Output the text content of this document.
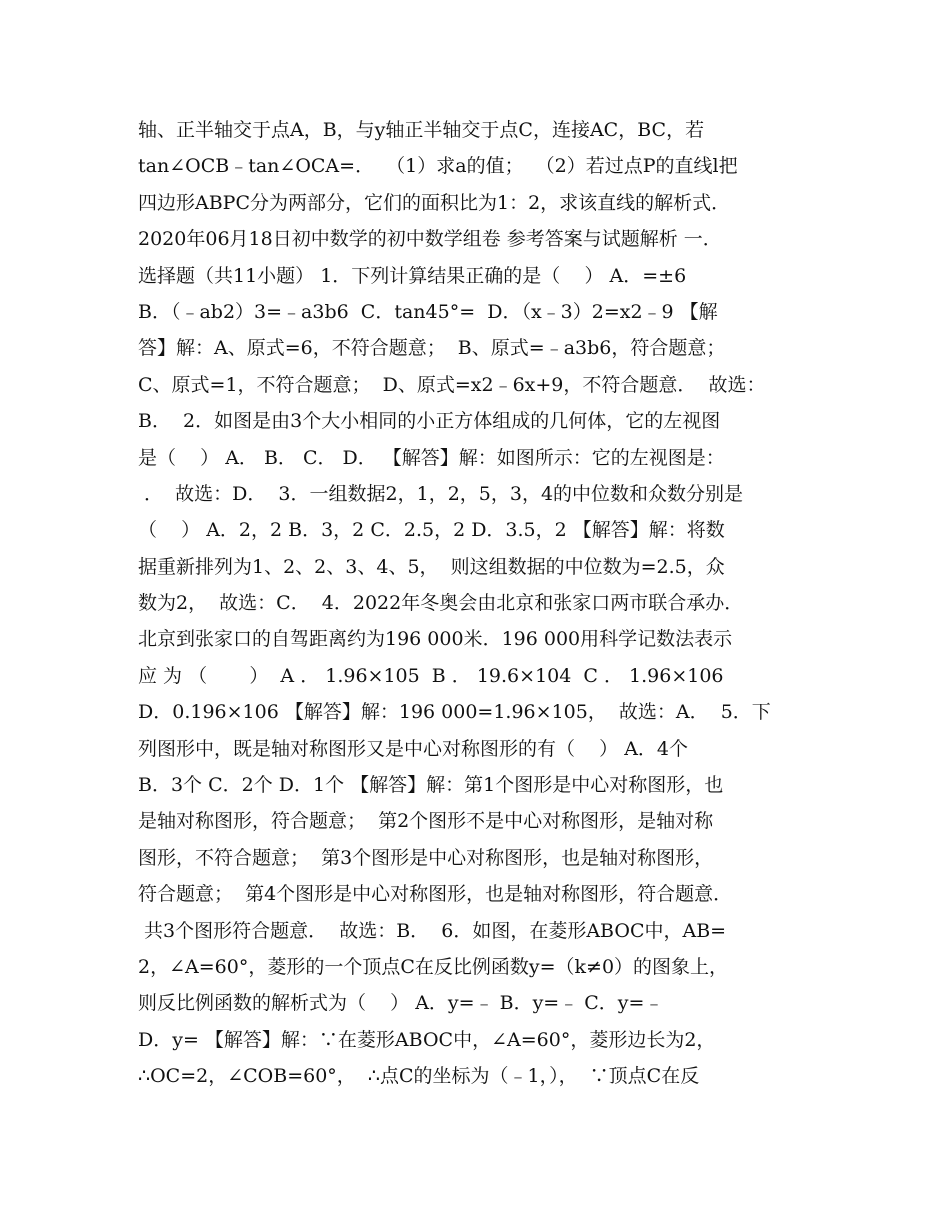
轴、正半轴交于点A，B，与y轴正半轴交于点C，连接AC，BC，若
tan∠OCB﹣tan∠OCA=．  （1）求a的值；  （2）若过点P的直线l把
四边形ABPC分为两部分，它们的面积比为1：2，求该直线的解析式．
2020年06月18日初中数学的初中数学组卷 参考答案与试题解析 一．
选择题（共11小题） 1．下列计算结果正确的是（    ） A．=±6
B．（﹣ab2）3=﹣a3b6  C．tan45°=  D．（x﹣3）2=x2﹣9 【解
答】解：A、原式=6，不符合题意；  B、原式=﹣a3b6，符合题意；
C、原式=1，不符合题意；  D、原式=x2﹣6x+9，不符合题意．  故选：
B．  2．如图是由3个大小相同的小正方体组成的几何体，它的左视图
是（    ） A． B． C． D． 【解答】解：如图所示：它的左视图是：
．  故选：D．  3．一组数据2，1，2，5，3，4的中位数和众数分别是
（    ） A．2，2 B．3，2 C．2.5，2 D．3.5，2 【解答】解：将数
据重新排列为1、2、2、3、4、5，  则这组数据的中位数为=2.5，众
数为2，  故选：C．  4．2022年冬奥会由北京和张家口两市联合承办．
北京到张家口的自驾距离约为196 000米．196 000用科学记数法表示
应 为 （       ）  A ． 1.96×105  B ． 19.6×104  C ． 1.96×106
D．0.196×106 【解答】解：196 000=1.96×105，  故选：A．  5．下
列图形中，既是轴对称图形又是中心对称图形的有（    ） A．4个
B．3个 C．2个 D．1个 【解答】解：第1个图形是中心对称图形，也
是轴对称图形，符合题意；  第2个图形不是中心对称图形，是轴对称
图形，不符合题意；  第3个图形是中心对称图形，也是轴对称图形，
符合题意；  第4个图形是中心对称图形，也是轴对称图形，符合题意．
共3个图形符合题意．  故选：B．  6．如图，在菱形ABOC中，AB=
2，∠A=60°，菱形的一个顶点C在反比例函数y=（k≠0）的图象上，
则反比例函数的解析式为（    ） A．y=﹣ B．y=﹣ C．y=﹣
D．y= 【解答】解：∵在菱形ABOC中，∠A=60°，菱形边长为2，
∴OC=2，∠COB=60°，  ∴点C的坐标为（﹣1，），  ∵顶点C在反
